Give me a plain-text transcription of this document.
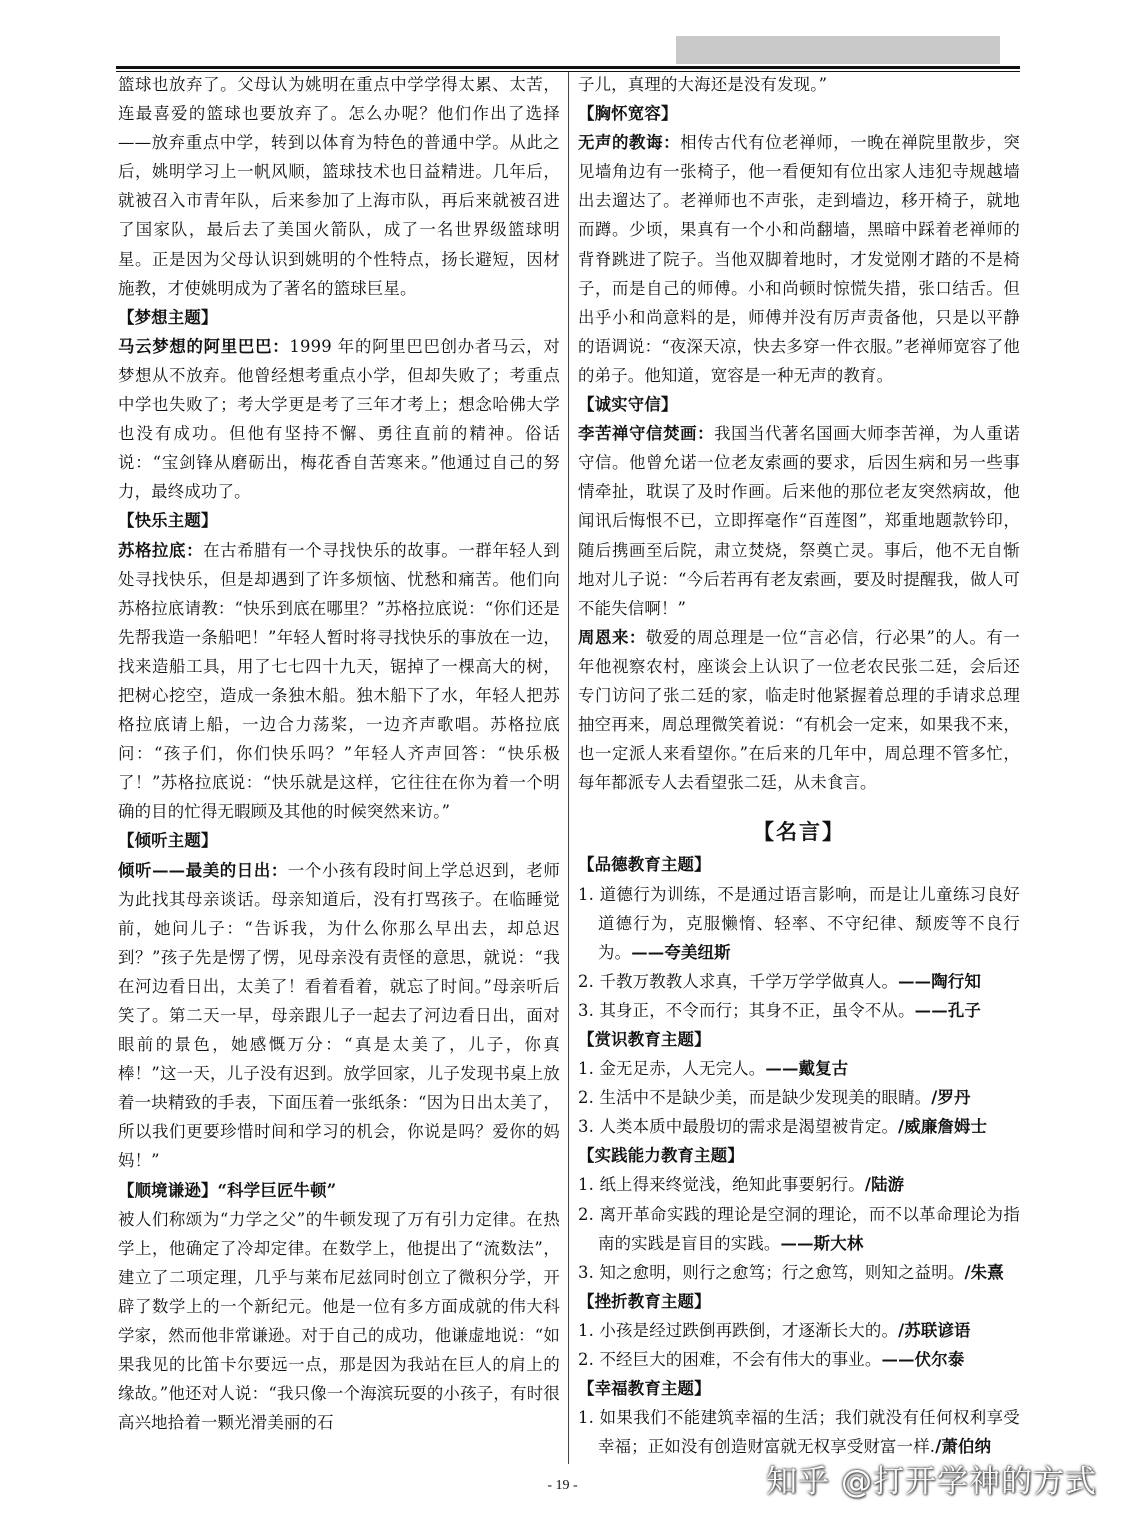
篮球也放弃了。父母认为姚明在重点中学学得太累、太苦，连最喜爱的篮球也要放弃了。怎么办呢？他们作出了选择——放弃重点中学，转到以体育为特色的普通中学。从此之后，姚明学习上一帆风顺，篮球技术也日益精进。几年后，就被召入市青年队，后来参加了上海市队，再后来就被召进了国家队，最后去了美国火箭队，成了一名世界级篮球明星。正是因为父母认识到姚明的个性特点，扬长避短，因材施教，才使姚明成为了著名的篮球巨星。

【梦想主题】

马云梦想的阿里巴巴：1999 年的阿里巴巴创办者马云，对梦想从不放弃。他曾经想考重点小学，但却失败了；考重点中学也失败了；考大学更是考了三年才考上；想念哈佛大学也没有成功。但他有坚持不懈、勇往直前的精神。俗话说：“宝剑锋从磨砺出，梅花香自苦寒来。”他通过自己的努力，最终成功了。

【快乐主题】

苏格拉底：在古希腊有一个寻找快乐的故事。一群年轻人到处寻找快乐，但是却遇到了许多烦恼、忧愁和痛苦。他们向苏格拉底请教：“快乐到底在哪里？”苏格拉底说：“你们还是先帮我造一条船吧！”年轻人暂时将寻找快乐的事放在一边，找来造船工具，用了七七四十九天，锯掉了一棵高大的树，把树心挖空，造成一条独木船。独木船下了水，年轻人把苏格拉底请上船，一边合力荡桨，一边齐声歌唱。苏格拉底问：“孩子们，你们快乐吗？”年轻人齐声回答：“快乐极了！”苏格拉底说：“快乐就是这样，它往往在你为着一个明确的目的忙得无暇顾及其他的时候突然来访。”

【倾听主题】

倾听——最美的日出：一个小孩有段时间上学总迟到，老师为此找其母亲谈话。母亲知道后，没有打骂孩子。在临睡觉前，她问儿子：“告诉我，为什么你那么早出去，却总迟到？”孩子先是愣了愣，见母亲没有责怪的意思，就说：“我在河边看日出，太美了！看着看着，就忘了时间。”母亲听后笑了。第二天一早，母亲跟儿子一起去了河边看日出，面对眼前的景色，她感慨万分：“真是太美了，儿子，你真棒！”这一天，儿子没有迟到。放学回家，儿子发现书桌上放着一块精致的手表，下面压着一张纸条：“因为日出太美了，所以我们更要珍惜时间和学习的机会，你说是吗？爱你的妈妈！”

【顺境谦逊】“科学巨匠牛顿”

被人们称颂为“力学之父”的牛顿发现了万有引力定律。在热学上，他确定了冷却定律。在数学上，他提出了“流数法”，建立了二项定理，几乎与莱布尼兹同时创立了微积分学，开辟了数学上的一个新纪元。他是一位有多方面成就的伟大科学家，然而他非常谦逊。对于自己的成功，他谦虚地说：“如果我见的比笛卡尔要远一点，那是因为我站在巨人的肩上的缘故。”他还对人说：“我只像一个海滨玩耍的小孩子，有时很高兴地拾着一颗光滑美丽的石

子儿，真理的大海还是没有发现。”

【胸怀宽容】

无声的教诲：相传古代有位老禅师，一晚在禅院里散步，突见墙角边有一张椅子，他一看便知有位出家人违犯寺规越墙出去遛达了。老禅师也不声张，走到墙边，移开椅子，就地而蹲。少顷，果真有一个小和尚翻墙，黑暗中踩着老禅师的背脊跳进了院子。当他双脚着地时，才发觉刚才踏的不是椅子，而是自己的师傅。小和尚顿时惊慌失措，张口结舌。但出乎小和尚意料的是，师傅并没有厉声责备他，只是以平静的语调说：“夜深天凉，快去多穿一件衣服。”老禅师宽容了他的弟子。他知道，宽容是一种无声的教育。

【诚实守信】

李苦禅守信焚画：我国当代著名国画大师李苦禅，为人重诺守信。他曾允诺一位老友索画的要求，后因生病和另一些事情牵扯，耽误了及时作画。后来他的那位老友突然病故，他闻讯后悔恨不已，立即挥毫作“百莲图”，郑重地题款钤印，随后携画至后院，肃立焚烧，祭奠亡灵。事后，他不无自惭地对儿子说：“今后若再有老友索画，要及时提醒我，做人可不能失信啊！”

周恩来：敬爱的周总理是一位“言必信，行必果”的人。有一年他视察农村，座谈会上认识了一位老农民张二廷，会后还专门访问了张二廷的家，临走时他紧握着总理的手请求总理抽空再来，周总理微笑着说：“有机会一定来，如果我不来，也一定派人来看望你。”在后来的几年中，周总理不管多忙，每年都派专人去看望张二廷，从未食言。

【名言】

【品德教育主题】

1. 道德行为训练，不是通过语言影响，而是让儿童练习良好道德行为，克服懒惰、轻率、不守纪律、颓废等不良行为。——夸美纽斯

2. 千教万教教人求真，千学万学学做真人。——陶行知

3. 其身正，不令而行；其身不正，虽令不从。——孔子

【赏识教育主题】

1. 金无足赤，人无完人。——戴复古

2. 生活中不是缺少美，而是缺少发现美的眼睛。/罗丹

3. 人类本质中最殷切的需求是渴望被肯定。/威廉詹姆士

【实践能力教育主题】

1. 纸上得来终觉浅，绝知此事要躬行。/陆游

2. 离开革命实践的理论是空洞的理论，而不以革命理论为指南的实践是盲目的实践。——斯大林

3. 知之愈明，则行之愈笃；行之愈笃，则知之益明。/朱熹

【挫折教育主题】

1. 小孩是经过跌倒再跌倒，才逐渐长大的。/苏联谚语

2. 不经巨大的困难，不会有伟大的事业。——伏尔泰

【幸福教育主题】

1. 如果我们不能建筑幸福的生活；我们就没有任何权利享受幸福；正如没有创造财富就无权享受财富一样./萧伯纳

- 19 -	知乎 @打开学神的方式
